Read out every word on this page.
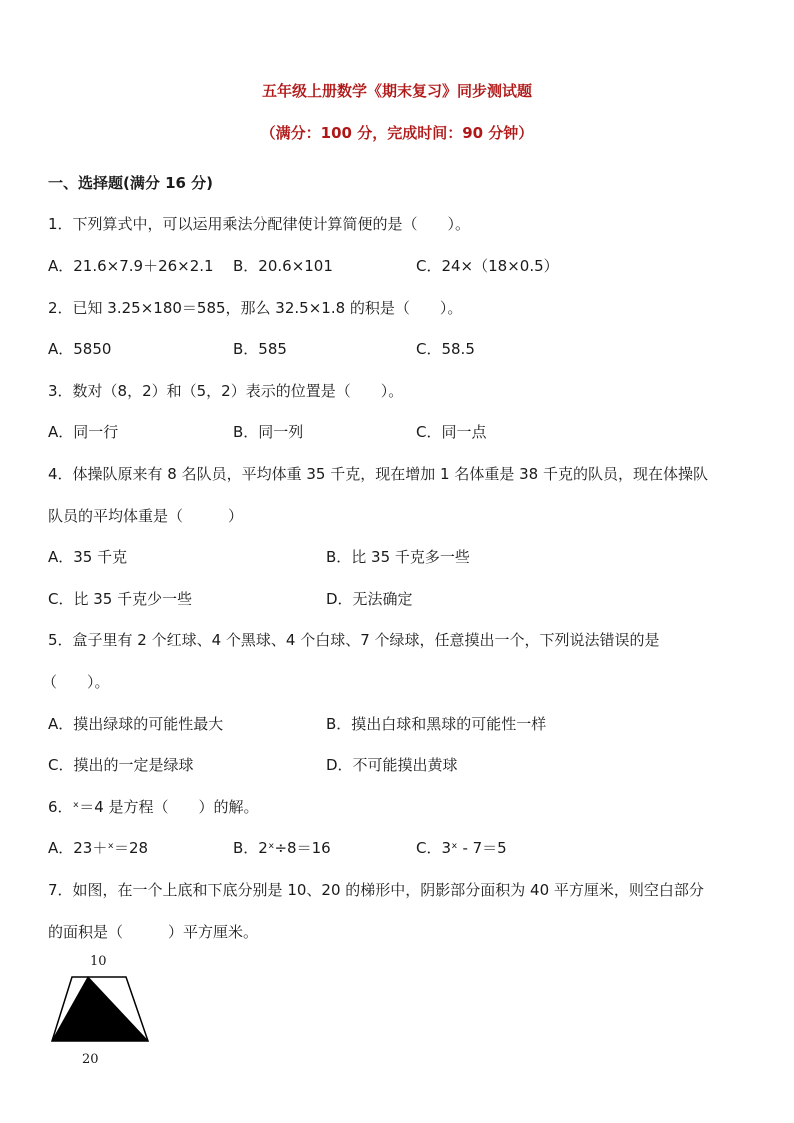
五年级上册数学《期末复习》同步测试题
（满分：100 分，完成时间：90 分钟）
一、选择题(满分 16 分)
1．下列算式中，可以运用乘法分配律使计算简便的是（　　）。
A．21.6×7.9＋26×2.1 B．20.6×101	C．24×（18×0.5）
2．已知 3.25×180＝585，那么 32.5×1.8 的积是（　　）。
A．5850	B．585	C．58.5
3．数对（8，2）和（5，2）表示的位置是（　　）。
A．同一行	B．同一列	C．同一点
4．体操队原来有 8 名队员，平均体重 35 千克，现在增加 1 名体重是 38 千克的队员，现在体操队
队员的平均体重是（　　　）
A．35 千克	B．比 35 千克多一些
C．比 35 千克少一些	D．无法确定
5．盒子里有 2 个红球、4 个黑球、4 个白球、7 个绿球，任意摸出一个，下列说法错误的是
（　　）。
A．摸出绿球的可能性最大	B．摸出白球和黑球的可能性一样
C．摸出的一定是绿球	D．不可能摸出黄球
6．ˣ＝4 是方程（　　）的解。
A．23＋ˣ＝28	B．2ˣ÷8＝16	C．3ˣ - 7＝5
7．如图，在一个上底和下底分别是 10、20 的梯形中，阴影部分面积为 40 平方厘米，则空白部分
的面积是（　　　）平方厘米。
10
20
